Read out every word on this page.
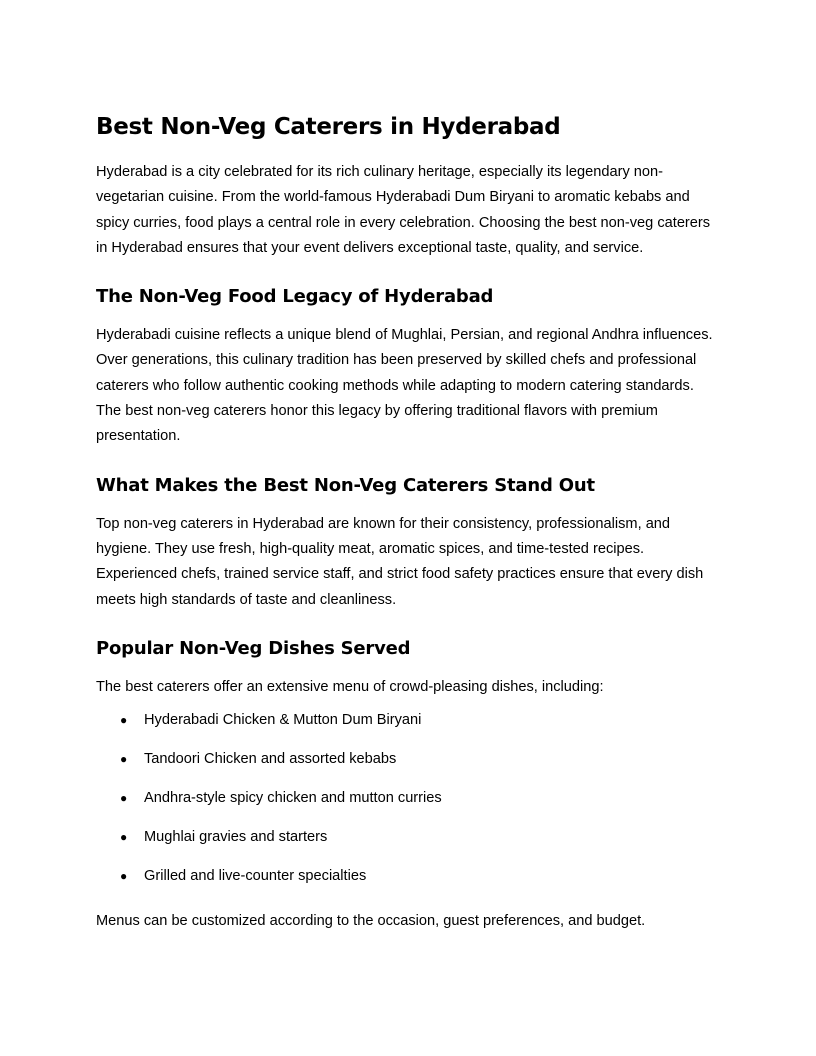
Best Non-Veg Caterers in Hyderabad

Hyderabad is a city celebrated for its rich culinary heritage, especially its legendary non-vegetarian cuisine. From the world-famous Hyderabadi Dum Biryani to aromatic kebabs and spicy curries, food plays a central role in every celebration. Choosing the best non-veg caterers in Hyderabad ensures that your event delivers exceptional taste, quality, and service.

The Non-Veg Food Legacy of Hyderabad

Hyderabadi cuisine reflects a unique blend of Mughlai, Persian, and regional Andhra influences. Over generations, this culinary tradition has been preserved by skilled chefs and professional caterers who follow authentic cooking methods while adapting to modern catering standards. The best non-veg caterers honor this legacy by offering traditional flavors with premium presentation.

What Makes the Best Non-Veg Caterers Stand Out

Top non-veg caterers in Hyderabad are known for their consistency, professionalism, and hygiene. They use fresh, high-quality meat, aromatic spices, and time-tested recipes. Experienced chefs, trained service staff, and strict food safety practices ensure that every dish meets high standards of taste and cleanliness.

Popular Non-Veg Dishes Served

The best caterers offer an extensive menu of crowd-pleasing dishes, including:

● Hyderabadi Chicken & Mutton Dum Biryani
● Tandoori Chicken and assorted kebabs
● Andhra-style spicy chicken and mutton curries
● Mughlai gravies and starters
● Grilled and live-counter specialties

Menus can be customized according to the occasion, guest preferences, and budget.
